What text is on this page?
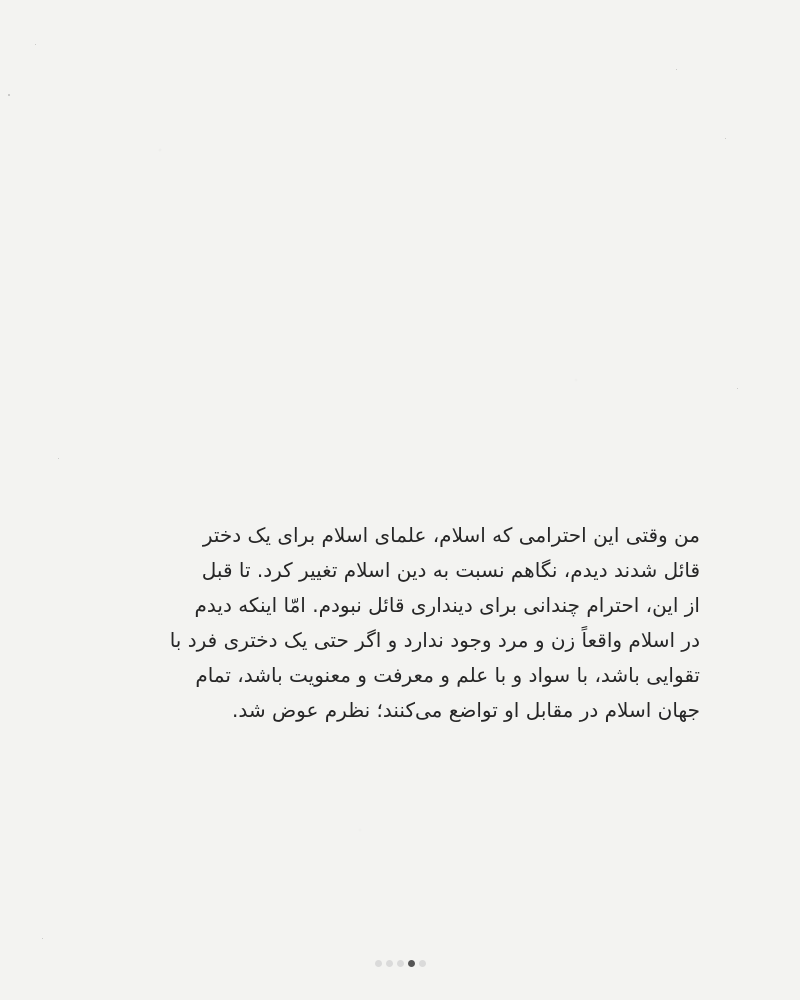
من وقتی این احترامی که اسلام، علمای اسلام برای یک دختر
قائل شدند دیدم، نگاهم نسبت به دین اسلام تغییر کرد. تا قبل
از این، احترام چندانی برای دینداری قائل نبودم. امّا اینکه دیدم
در اسلام واقعاً زن و مرد وجود ندارد و اگر حتی یک دختری فرد با
تقوایی باشد، با سواد و با علم و معرفت و معنویت باشد، تمام
جهان اسلام در مقابل او تواضع می‌کنند؛ نظرم عوض شد.
